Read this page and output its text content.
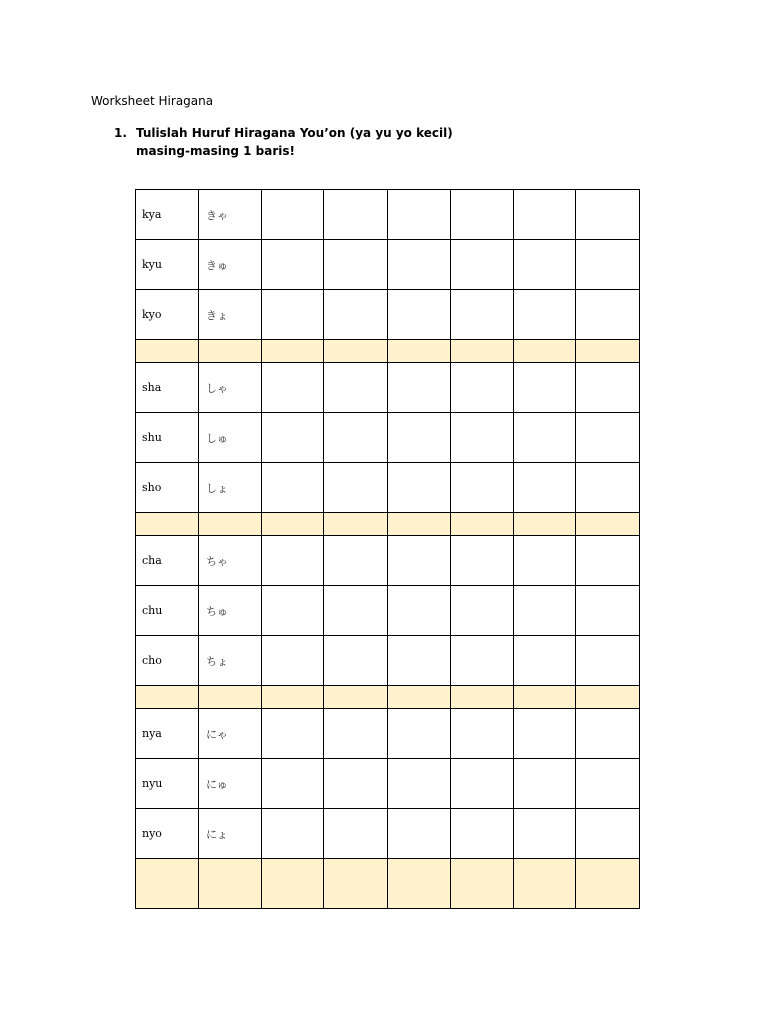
Worksheet Hiragana
1. Tulislah Huruf Hiragana You’on (ya yu yo kecil)
masing-masing 1 baris!
kya	きゃ						
kyu	きゅ						
kyo	きょ						

sha	しゃ						
shu	しゅ						
sho	しょ						

cha	ちゃ						
chu	ちゅ						
cho	ちょ						

nya	にゃ						
nyu	にゅ						
nyo	にょ						
